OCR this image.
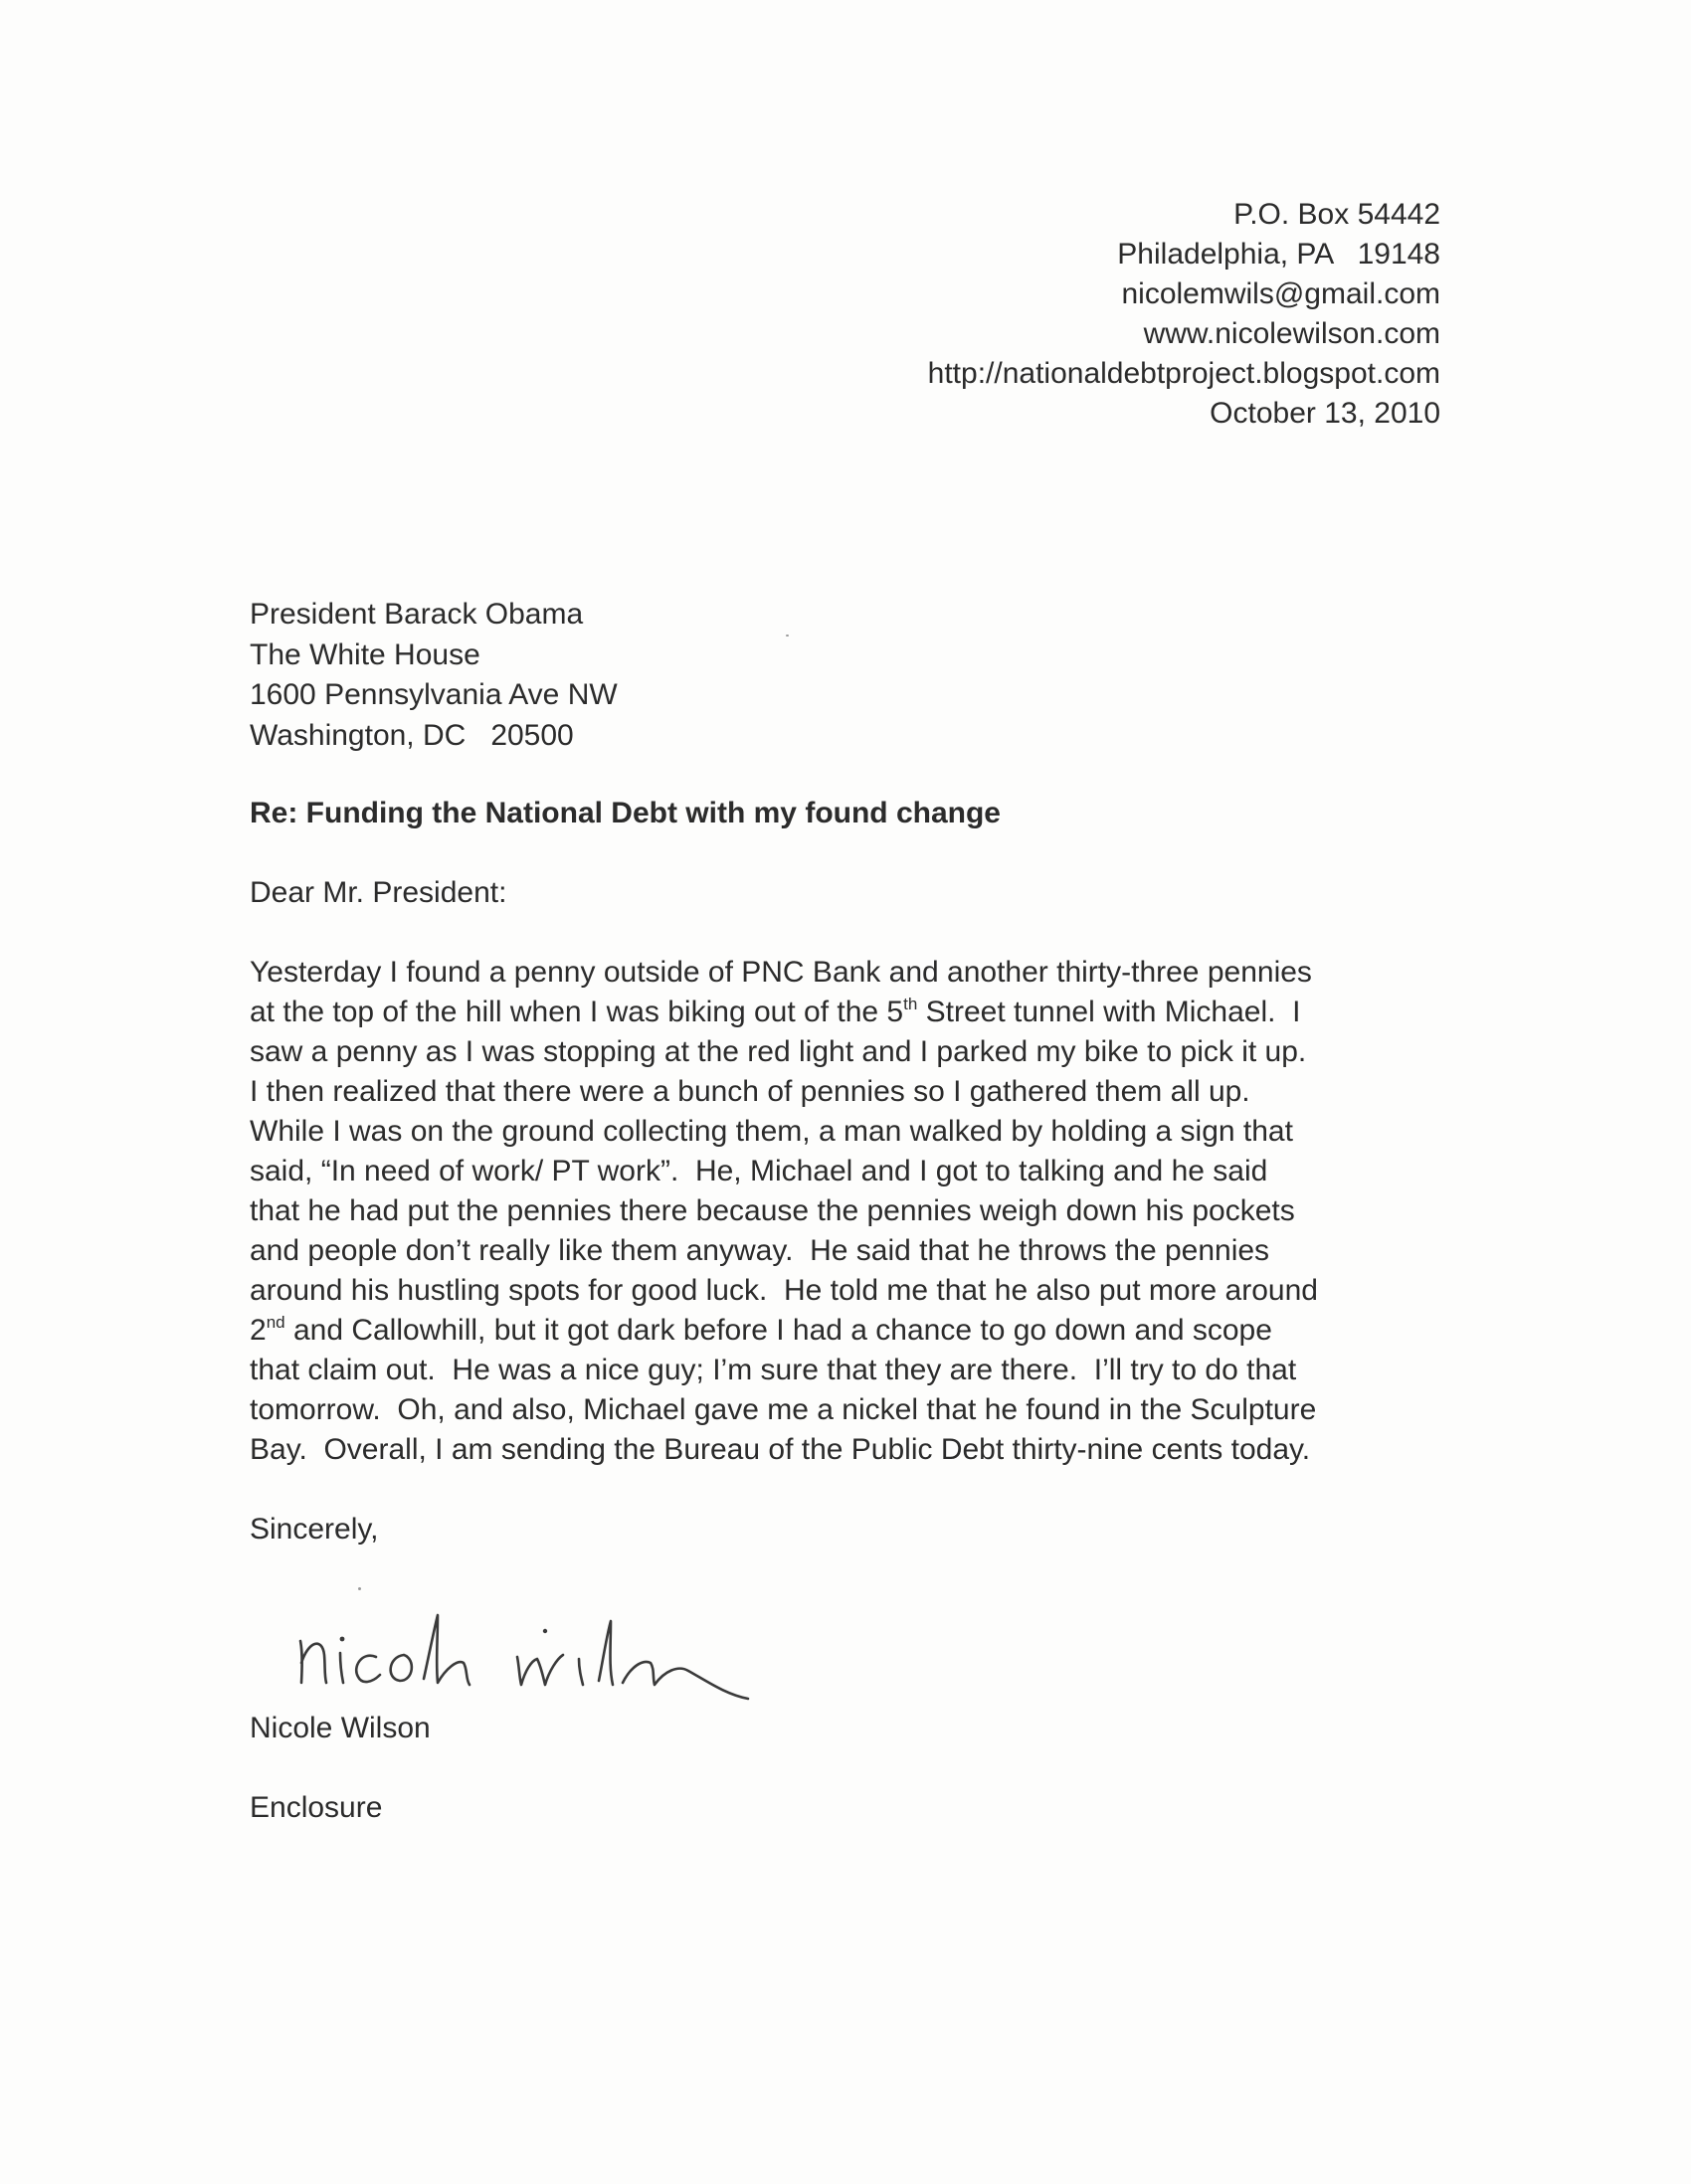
P.O. Box 54442
Philadelphia, PA   19148
nicolemwils@gmail.com
www.nicolewilson.com
http://nationaldebtproject.blogspot.com
October 13, 2010
President Barack Obama
The White House
1600 Pennsylvania Ave NW
Washington, DC   20500
Re: Funding the National Debt with my found change
Dear Mr. President:
Yesterday I found a penny outside of PNC Bank and another thirty-three pennies
at the top of the hill when I was biking out of the 5th Street tunnel with Michael.  I
saw a penny as I was stopping at the red light and I parked my bike to pick it up.
I then realized that there were a bunch of pennies so I gathered them all up.
While I was on the ground collecting them, a man walked by holding a sign that
said, “In need of work/ PT work”.  He, Michael and I got to talking and he said
that he had put the pennies there because the pennies weigh down his pockets
and people don’t really like them anyway.  He said that he throws the pennies
around his hustling spots for good luck.  He told me that he also put more around
2nd and Callowhill, but it got dark before I had a chance to go down and scope
that claim out.  He was a nice guy; I’m sure that they are there.  I’ll try to do that
tomorrow.  Oh, and also, Michael gave me a nickel that he found in the Sculpture
Bay.  Overall, I am sending the Bureau of the Public Debt thirty-nine cents today.
Sincerely,
Nicole Wilson
Enclosure
